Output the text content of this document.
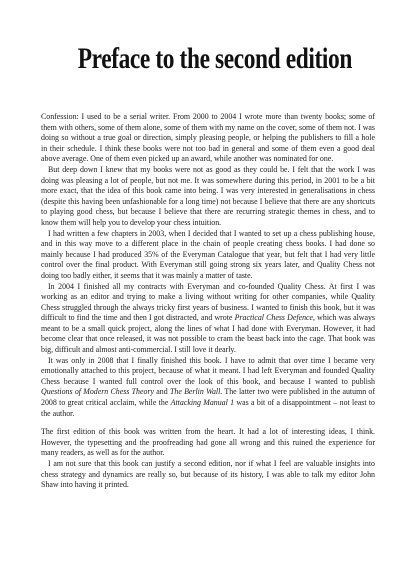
Preface to the second edition

Confession: I used to be a serial writer. From 2000 to 2004 I wrote more than twenty books; some of them with others, some of them alone, some of them with my name on the cover, some of them not. I was doing so without a true goal or direction, simply pleasing people, or helping the publishers to fill a hole in their schedule. I think these books were not too bad in general and some of them even a good deal above average. One of them even picked up an award, while another was nominated for one.

But deep down I knew that my books were not as good as they could be. I felt that the work I was doing was pleasing a lot of people, but not me. It was somewhere during this period, in 2001 to be a bit more exact, that the idea of this book came into being. I was very interested in generalisations in chess (despite this having been unfashionable for a long time) not because I believe that there are any shortcuts to playing good chess, but because I believe that there are recurring strategic themes in chess, and to know them will help you to develop your chess intuition.

I had written a few chapters in 2003, when I decided that I wanted to set up a chess publishing house, and in this way move to a different place in the chain of people creating chess books. I had done so mainly because I had produced 35% of the Everyman Catalogue that year, but felt that I had very little control over the final product. With Everyman still going strong six years later, and Quality Chess not doing too badly either, it seems that it was mainly a matter of taste.

In 2004 I finished all my contracts with Everyman and co-founded Quality Chess. At first I was working as an editor and trying to make a living without writing for other companies, while Quality Chess struggled through the always tricky first years of business. I wanted to finish this book, but it was difficult to find the time and then I got distracted, and wrote Practical Chess Defence, which was always meant to be a small quick project, along the lines of what I had done with Everyman. However, it had become clear that once released, it was not possible to cram the beast back into the cage. That book was big, difficult and almost anti-commercial. I still love it dearly.

It was only in 2008 that I finally finished this book. I have to admit that over time I became very emotionally attached to this project, because of what it meant. I had left Everyman and founded Quality Chess because I wanted full control over the look of this book, and because I wanted to publish Questions of Modern Chess Theory and The Berlin Wall. The latter two were published in the autumn of 2008 to great critical acclaim, while the Attacking Manual 1 was a bit of a disappointment – not least to the author.

The first edition of this book was written from the heart. It had a lot of interesting ideas, I think. However, the typesetting and the proofreading had gone all wrong and this ruined the experience for many readers, as well as for the author.

I am not sure that this book can justify a second edition, nor if what I feel are valuable insights into chess strategy and dynamics are really so, but because of its history, I was able to talk my editor John Shaw into having it printed.
